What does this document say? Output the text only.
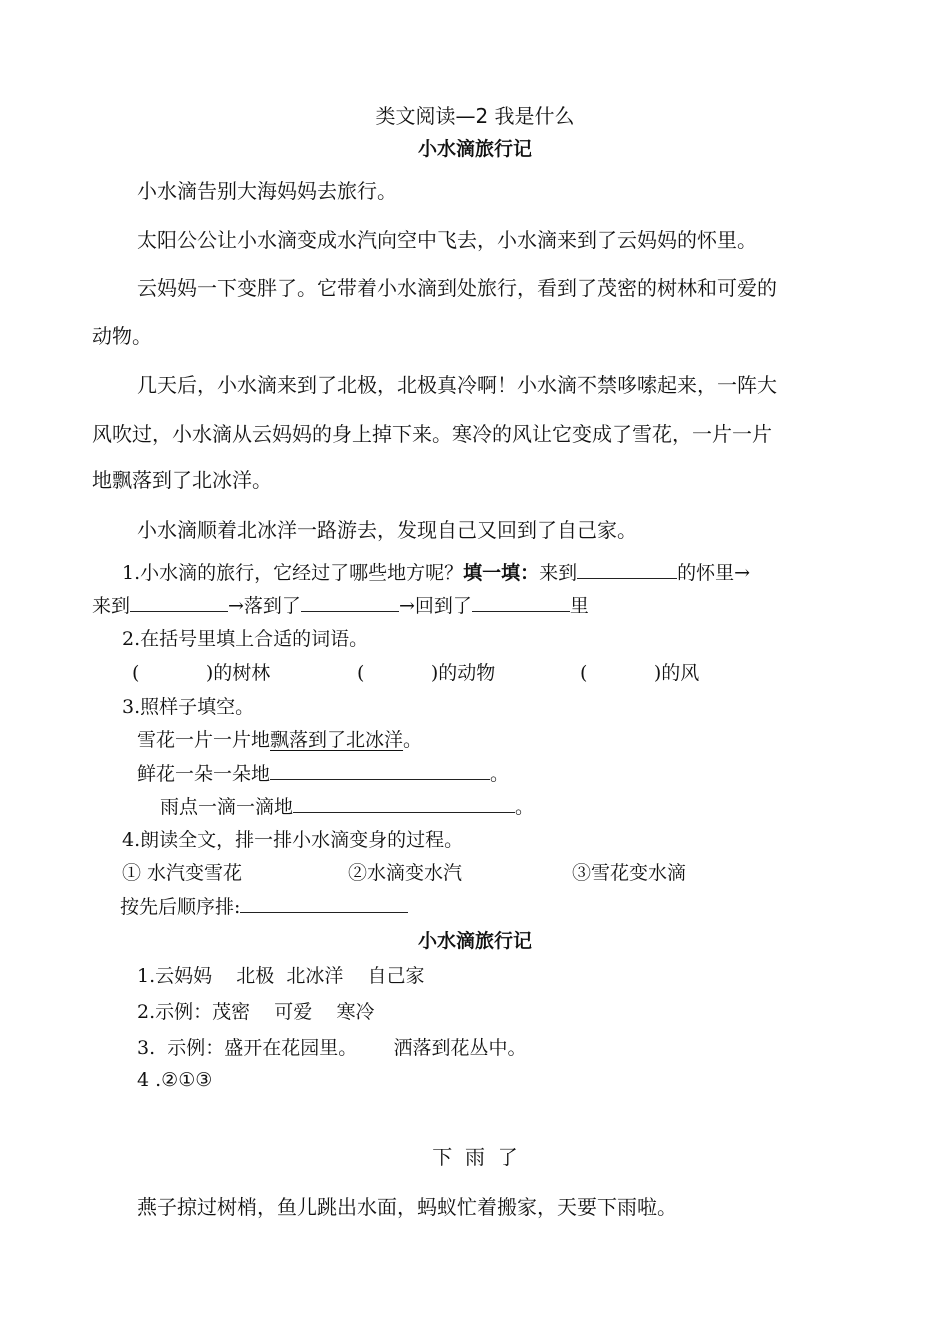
类文阅读—2 我是什么
小水滴旅行记
小水滴告别大海妈妈去旅行。
太阳公公让小水滴变成水汽向空中飞去，小水滴来到了云妈妈的怀里。
云妈妈一下变胖了。它带着小水滴到处旅行，看到了茂密的树林和可爱的
动物。
几天后，小水滴来到了北极，北极真冷啊！小水滴不禁哆嗦起来，一阵大
风吹过，小水滴从云妈妈的身上掉下来。寒冷的风让它变成了雪花，一片一片
地飘落到了北冰洋。
小水滴顺着北冰洋一路游去，发现自己又回到了自己家。
1.小水滴的旅行，它经过了哪些地方呢？填一填：来到	的怀里→
来到	→落到了	→回到了	里
2.在括号里填上合适的词语。
(           )的树林	(           )的动物	(           )的风
3.照样子填空。
雪花一片一片地飘落到了北冰洋。
鲜花一朵一朵地	。
雨点一滴一滴地	。
4.朗读全文，排一排小水滴变身的过程。
① 水汽变雪花	②水滴变水汽	③雪花变水滴
按先后顺序排:
小水滴旅行记
1.云妈妈    北极  北冰洋    自己家
2.示例：茂密    可爱    寒冷
3.  示例：盛开在花园里。      洒落到花丛中。
4 .②①③
下  雨  了
燕子掠过树梢，鱼儿跳出水面，蚂蚁忙着搬家，天要下雨啦。
